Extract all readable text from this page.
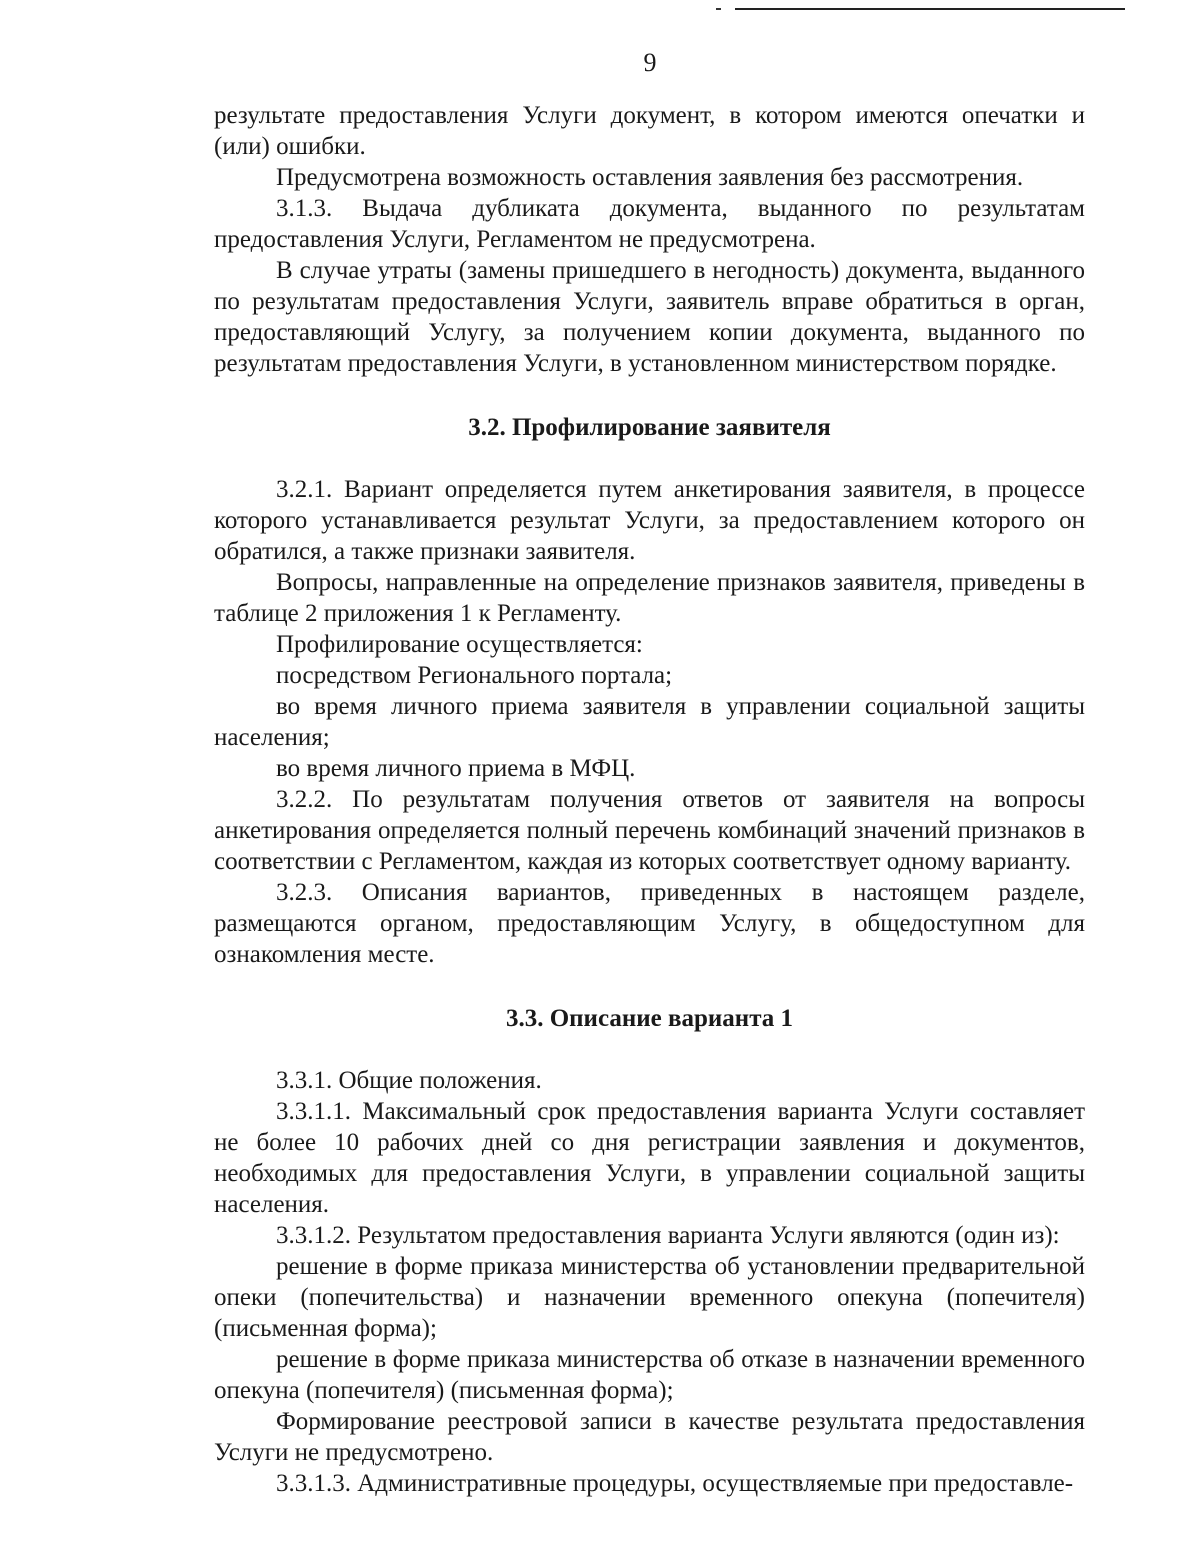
9

результате предоставления Услуги документ, в котором имеются опечатки и (или) ошибки.

Предусмотрена возможность оставления заявления без рассмотрения.

3.1.3. Выдача дубликата документа, выданного по результатам предоставления Услуги, Регламентом не предусмотрена.

В случае утраты (замены пришедшего в негодность) документа, выданного по результатам предоставления Услуги, заявитель вправе обратиться в орган, предоставляющий Услугу, за получением копии документа, выданного по результатам предоставления Услуги, в установленном министерством порядке.

3.2. Профилирование заявителя

3.2.1. Вариант определяется путем анкетирования заявителя, в процессе которого устанавливается результат Услуги, за предоставлением которого он обратился, а также признаки заявителя.

Вопросы, направленные на определение признаков заявителя, приведены в таблице 2 приложения 1 к Регламенту.

Профилирование осуществляется:

посредством Регионального портала;

во время личного приема заявителя в управлении социальной защиты населения;

во время личного приема в МФЦ.

3.2.2. По результатам получения ответов от заявителя на вопросы анкетирования определяется полный перечень комбинаций значений признаков в соответствии с Регламентом, каждая из которых соответствует одному варианту.

3.2.3. Описания вариантов, приведенных в настоящем разделе, размещаются органом, предоставляющим Услугу, в общедоступном для ознакомления месте.

3.3. Описание варианта 1

3.3.1. Общие положения.

3.3.1.1. Максимальный срок предоставления варианта Услуги составляет не более 10 рабочих дней со дня регистрации заявления и документов, необходимых для предоставления Услуги, в управлении социальной защиты населения.

3.3.1.2. Результатом предоставления варианта Услуги являются (один из):

решение в форме приказа министерства об установлении предварительной опеки (попечительства) и назначении временного опекуна (попечителя) (письменная форма);

решение в форме приказа министерства об отказе в назначении временного опекуна (попечителя) (письменная форма);

Формирование реестровой записи в качестве результата предоставления Услуги не предусмотрено.

3.3.1.3. Административные процедуры, осуществляемые при предоставле-
